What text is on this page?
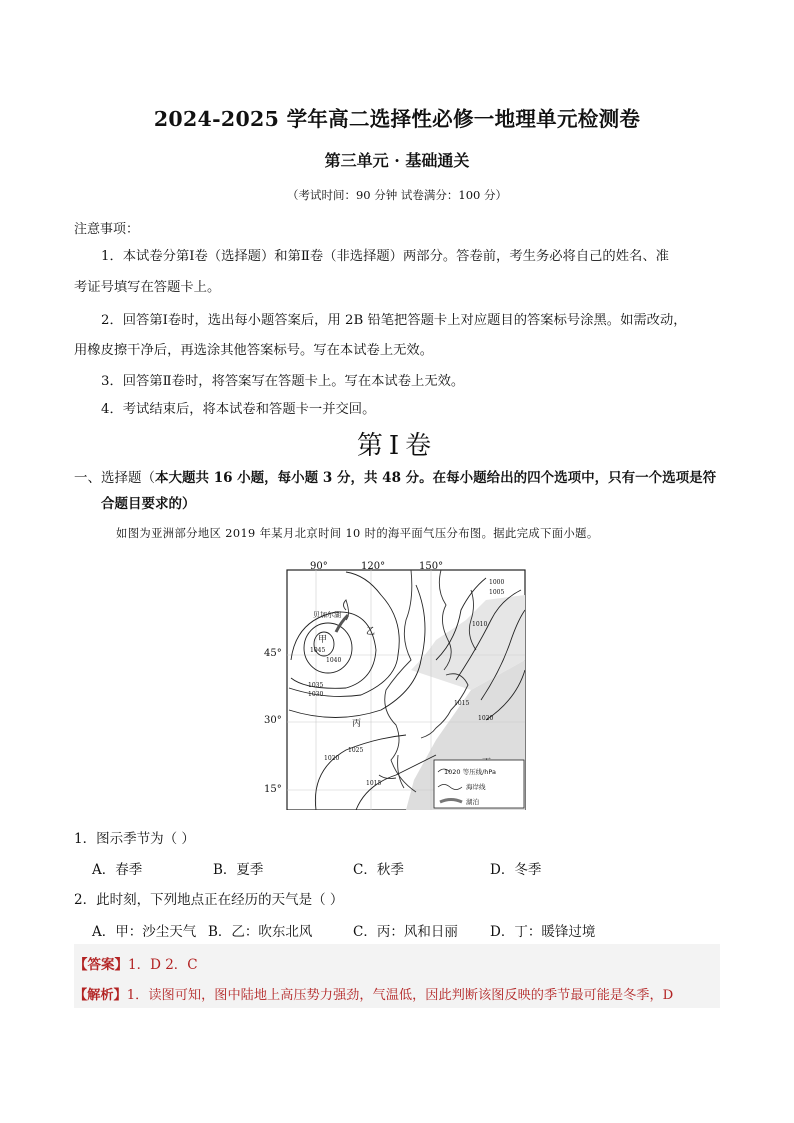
2024-2025 学年高二选择性必修一地理单元检测卷
第三单元 · 基础通关
（考试时间：90 分钟 试卷满分：100 分）
注意事项：
1．本试卷分第Ⅰ卷（选择题）和第Ⅱ卷（非选择题）两部分。答卷前，考生务必将自己的姓名、准
考证号填写在答题卡上。
2．回答第Ⅰ卷时，选出每小题答案后，用 2B 铅笔把答题卡上对应题目的答案标号涂黑。如需改动，
用橡皮擦干净后，再选涂其他答案标号。写在本试卷上无效。
3．回答第Ⅱ卷时，将答案写在答题卡上。写在本试卷上无效。
4．考试结束后，将本试卷和答题卡一并交回。
第Ⅰ卷
一、选择题（本大题共 16 小题，每小题 3 分，共 48 分。在每小题给出的四个选项中，只有一个选项是符
合题目要求的）
如图为亚洲部分地区 2019 年某月北京时间 10 时的海平面气压分布图。据此完成下面小题。
90°	120°	150°
贝加尔湖
甲
乙
丙
1045
1040
1035
1030
1025
1020
1015
1010
1000
1005
1015
1020
1020 等压线/hPa
海岸线
湖泊
45°
30°
15°
1．图示季节为（ ）
A．春季	B．夏季	C．秋季	D．冬季
2．此时刻，下列地点正在经历的天气是（ ）
A．甲：沙尘天气 B．乙：吹东北风	C．丙：风和日丽 D．丁：暖锋过境
【答案】1．D 2．C
【解析】1．读图可知，图中陆地上高压势力强劲，气温低，因此判断该图反映的季节最可能是冬季，D
